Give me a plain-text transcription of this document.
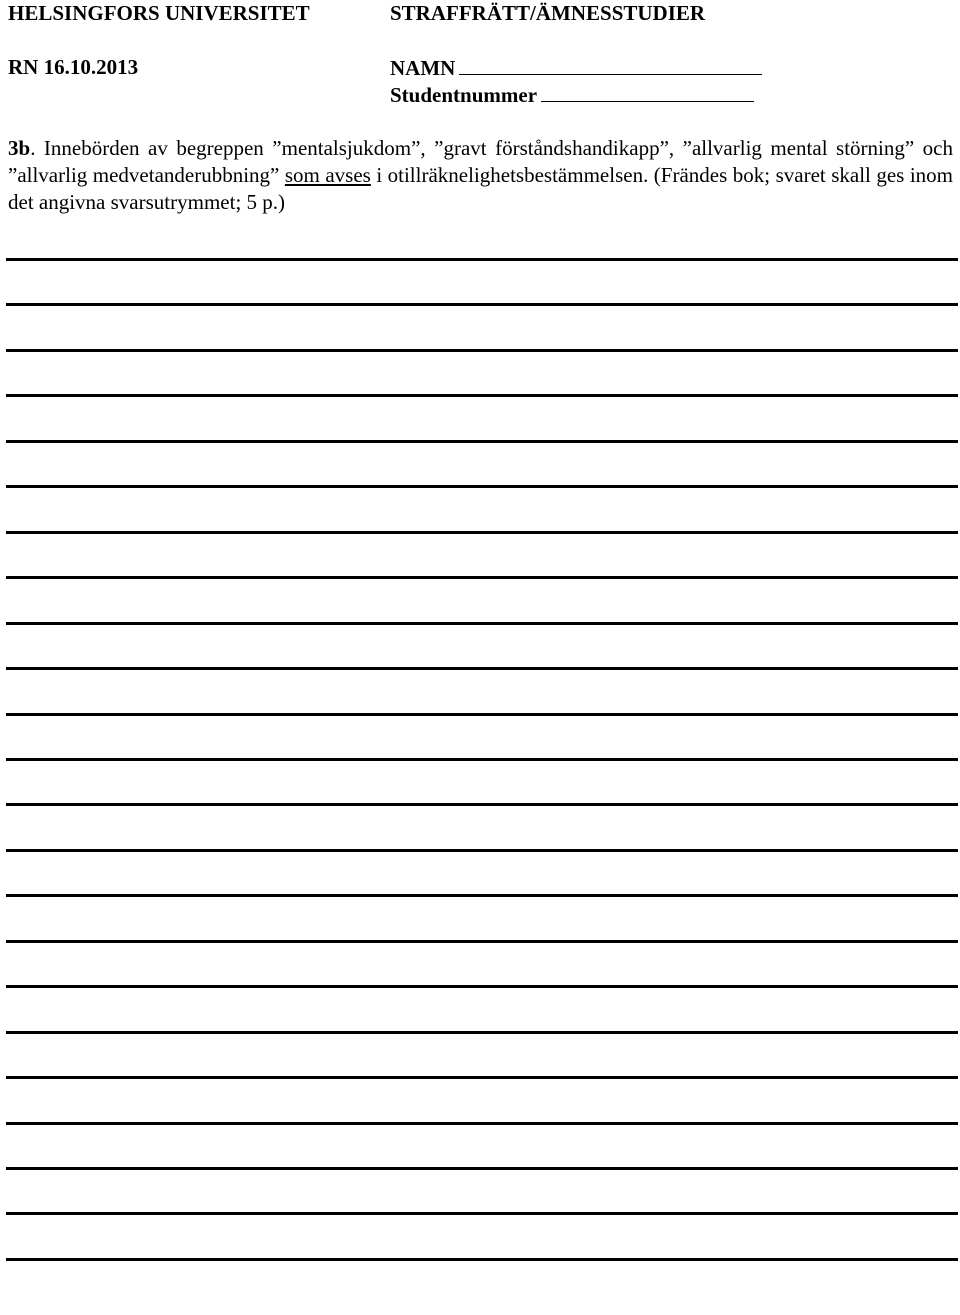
HELSINGFORS UNIVERSITET	STRAFFRÄTT/ÄMNESSTUDIER
RN 16.10.2013	NAMN
Studentnummer

3b. Innebörden av begreppen ”mentalsjukdom”, ”gravt förståndshandikapp”, ”allvarlig mental störning” och ”allvarlig medvetanderubbning” som avses i otillräknelighetsbestämmelsen. (Frändes bok; svaret skall ges inom det angivna svarsutrymmet; 5 p.)
